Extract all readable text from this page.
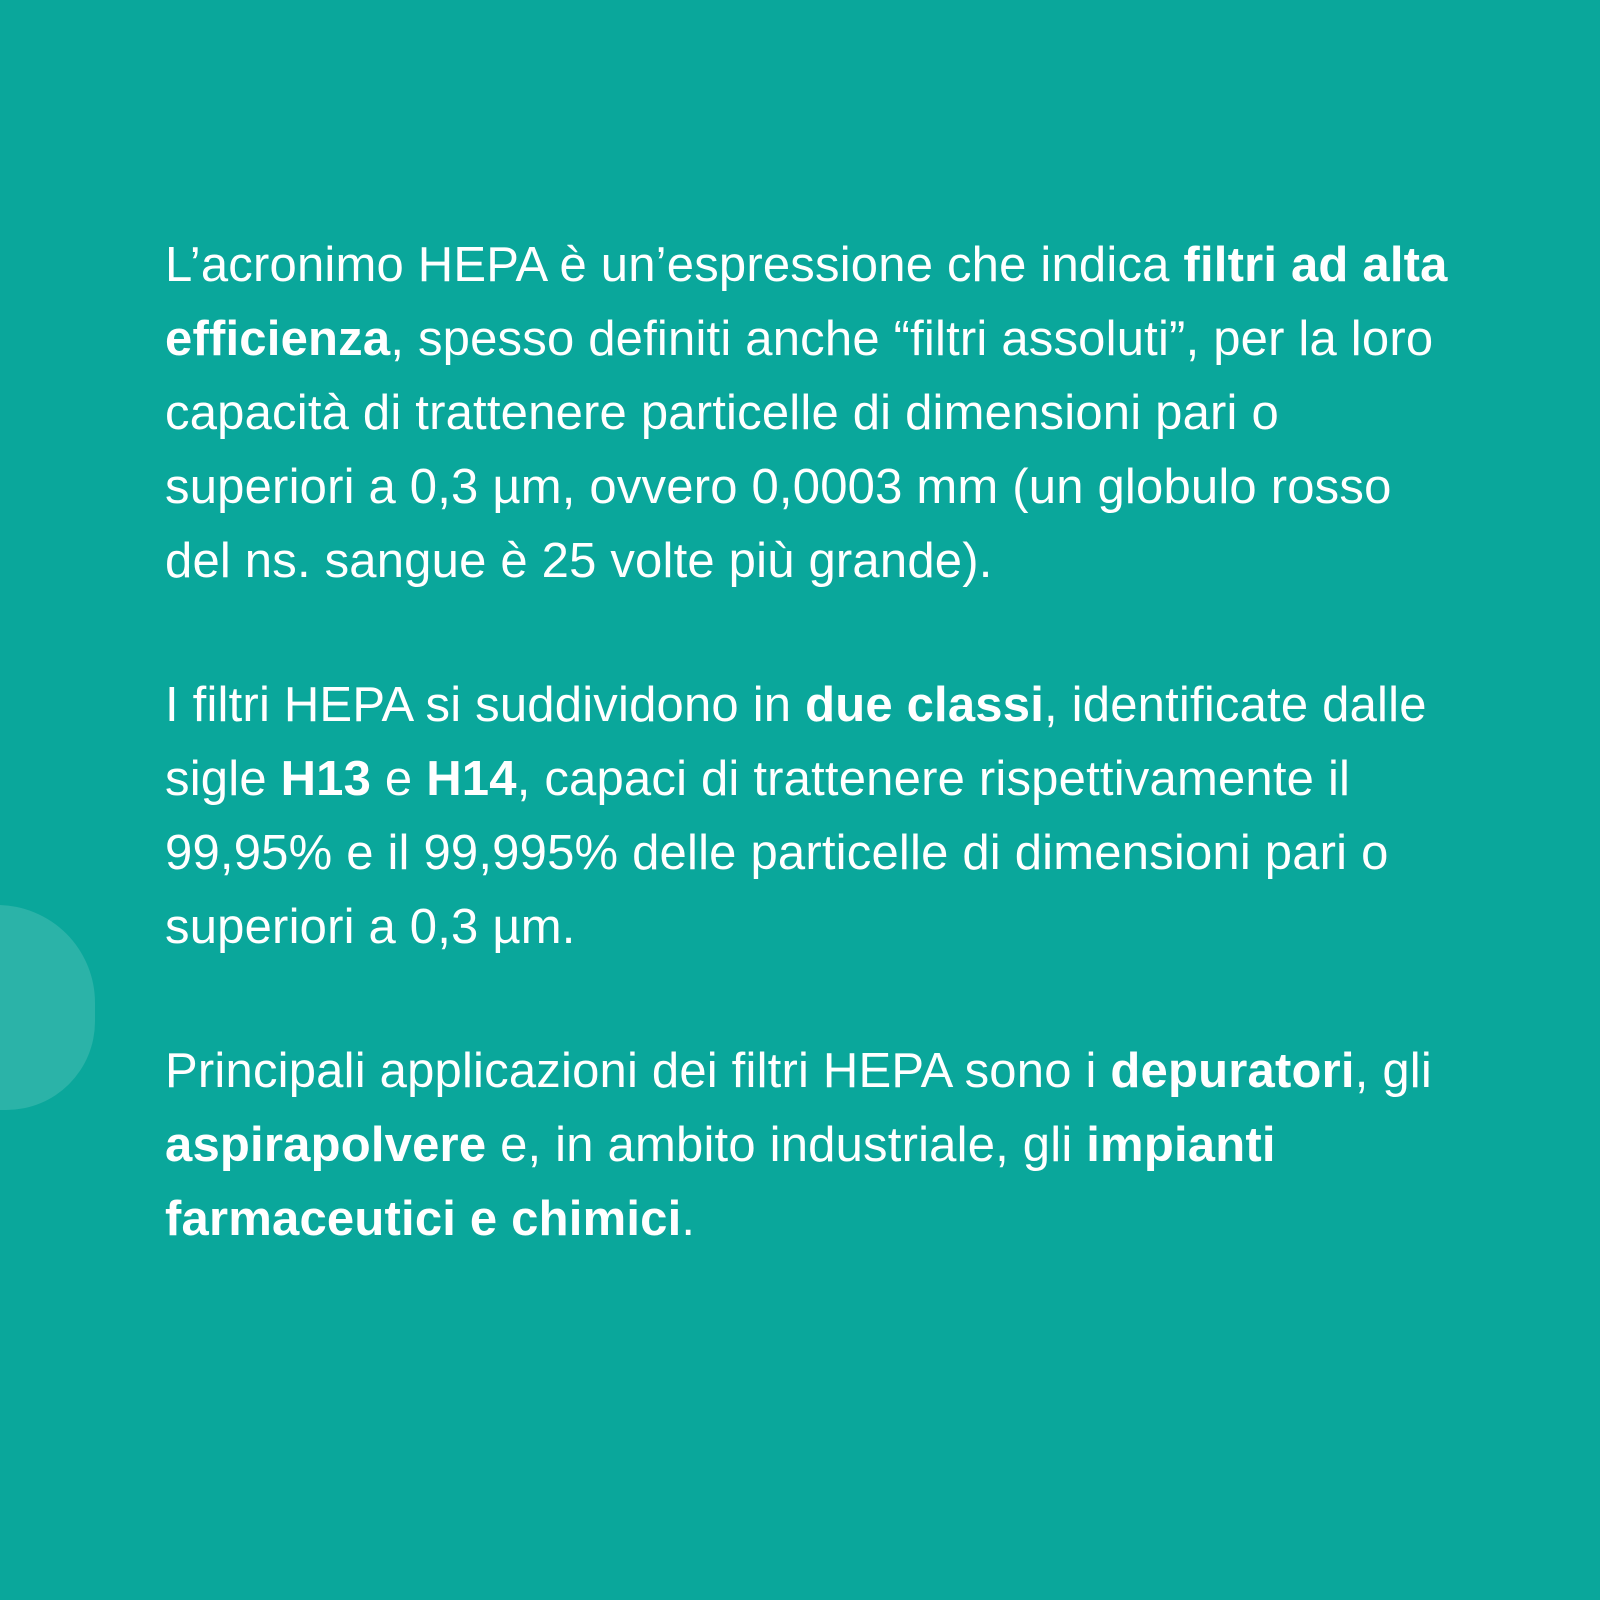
L’acronimo HEPA è un’espressione che indica filtri ad alta efficienza, spesso definiti anche “filtri assoluti”, per la loro capacità di trattenere particelle di dimensioni pari o superiori a 0,3 µm, ovvero 0,0003 mm (un globulo rosso del ns. sangue è 25 volte più grande).

I filtri HEPA si suddividono in due classi, identificate dalle sigle H13 e H14, capaci di trattenere rispettivamente il 99,95% e il 99,995% delle particelle di dimensioni pari o superiori a 0,3 µm.

Principali applicazioni dei filtri HEPA sono i depuratori, gli aspirapolvere e, in ambito industriale, gli impianti farmaceutici e chimici.
